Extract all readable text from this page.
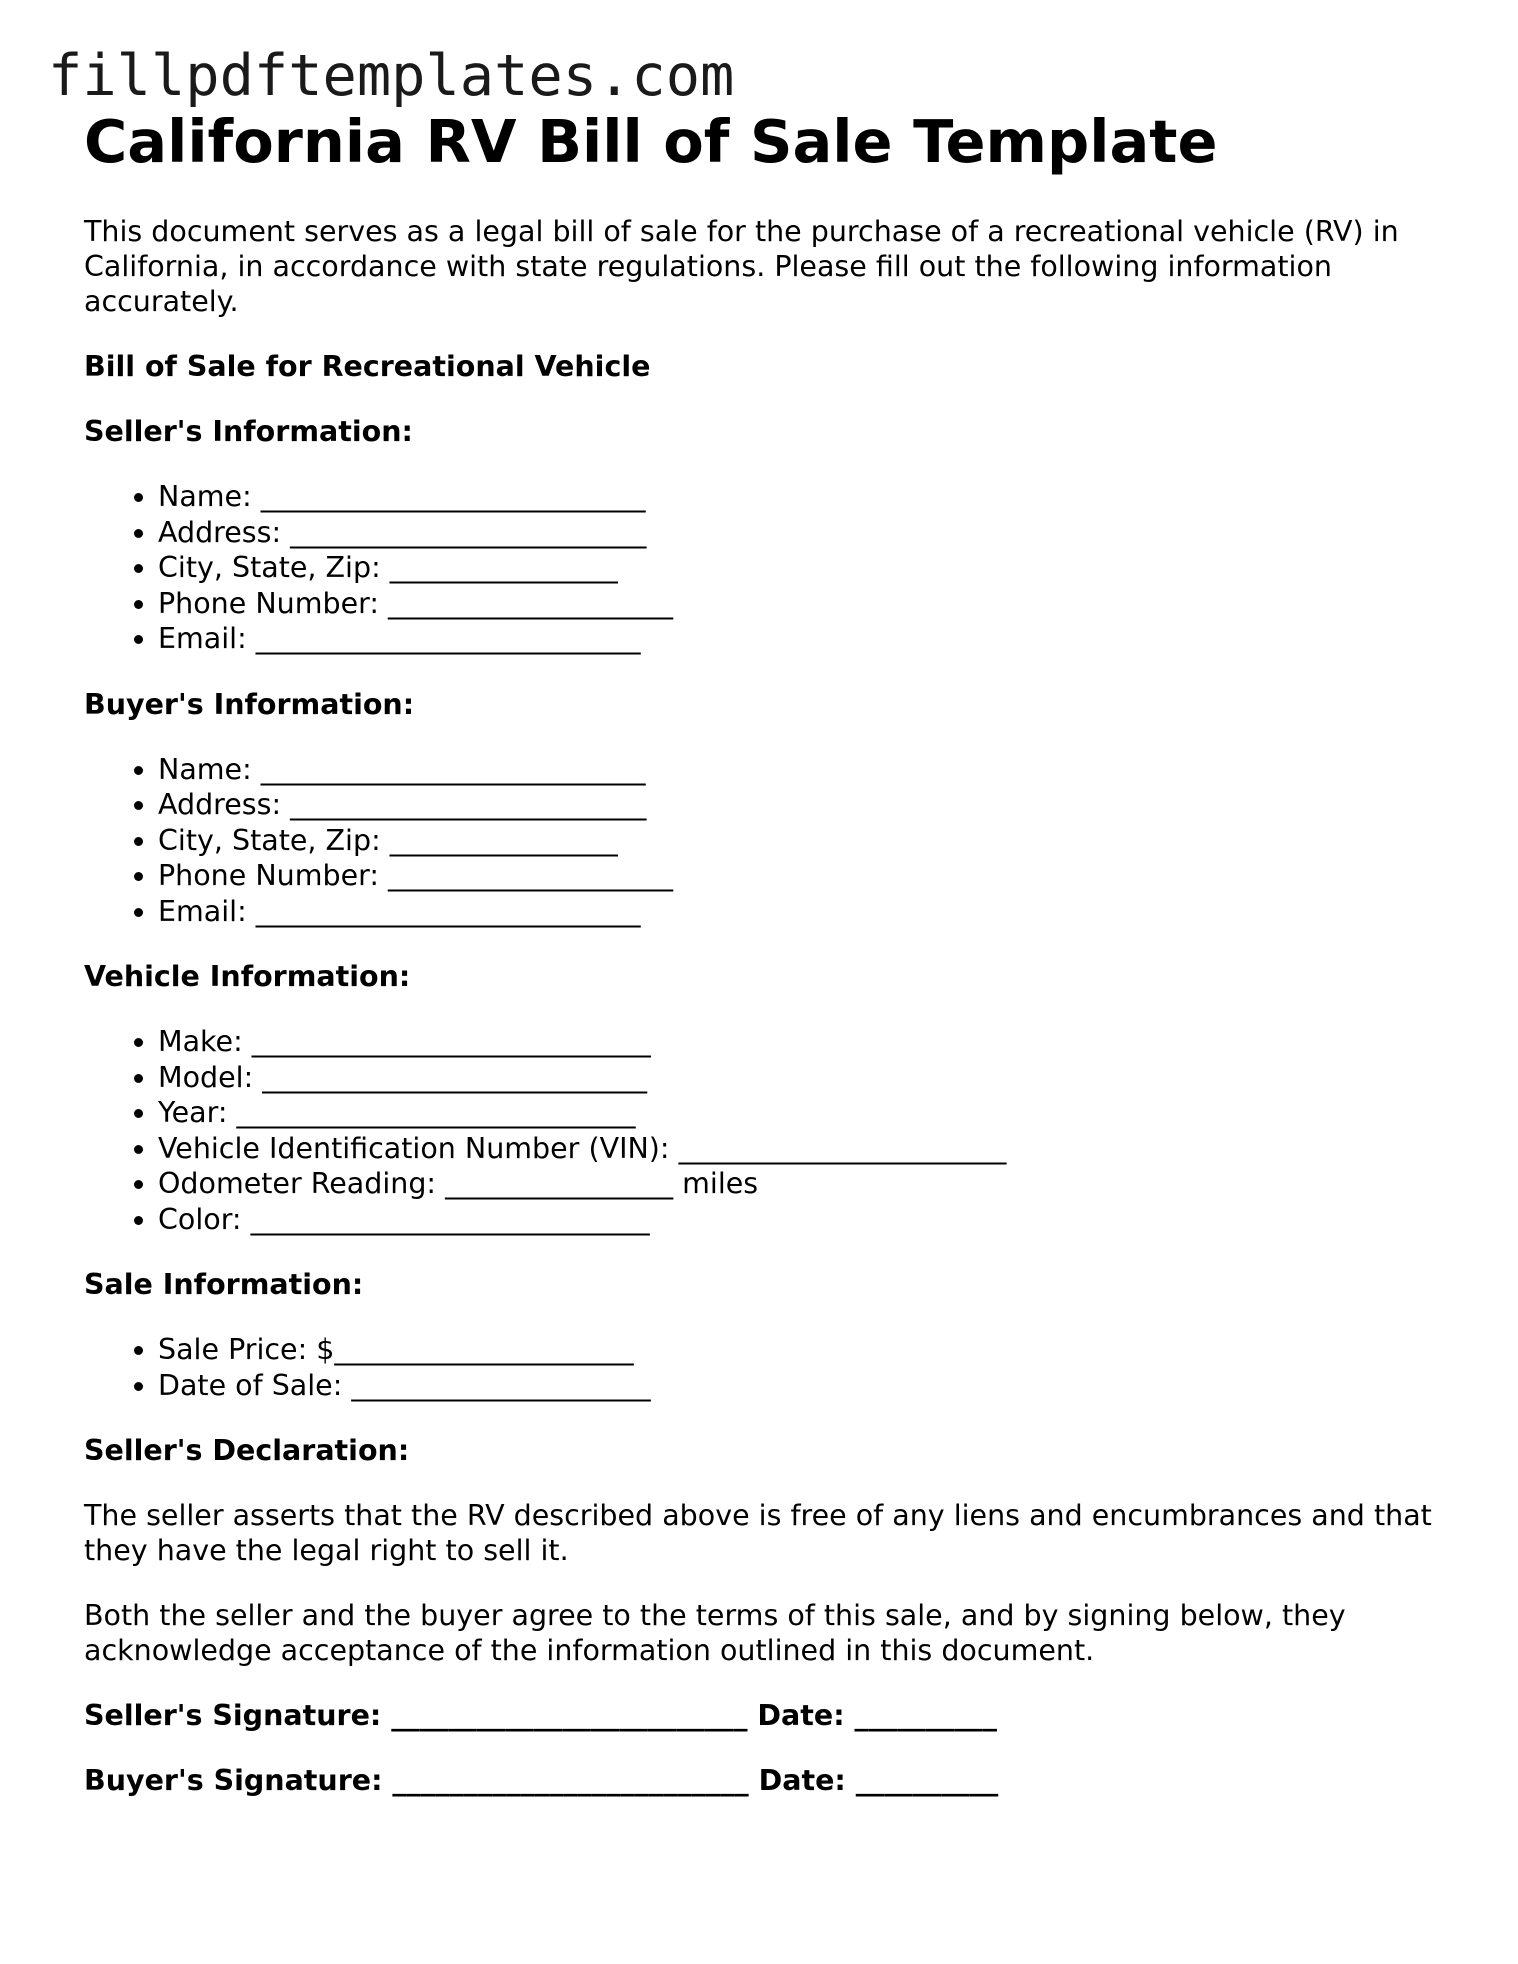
fillpdftemplates.com
California RV Bill of Sale Template

This document serves as a legal bill of sale for the purchase of a recreational vehicle (RV) in California, in accordance with state regulations. Please fill out the following information accurately.

Bill of Sale for Recreational Vehicle
Seller's Information:
• Name: ___________________________
• Address: _________________________
• City, State, Zip: ________________
• Phone Number: ____________________
• Email: ___________________________
Buyer's Information:
• Name: ___________________________
• Address: _________________________
• City, State, Zip: ________________
• Phone Number: ____________________
• Email: ___________________________
Vehicle Information:
• Make: ____________________________
• Model: ___________________________
• Year: ____________________________
• Vehicle Identification Number (VIN): _______________________
• Odometer Reading: ________________ miles
• Color: ____________________________
Sale Information:
• Sale Price: $_____________________
• Date of Sale: _____________________
Seller's Declaration:

The seller asserts that the RV described above is free of any liens and encumbrances and that they have the legal right to sell it.

Both the seller and the buyer agree to the terms of this sale, and by signing below, they acknowledge acceptance of the information outlined in this document.

Seller's Signature: _________________________ Date: __________
Buyer's Signature: _________________________ Date: __________
